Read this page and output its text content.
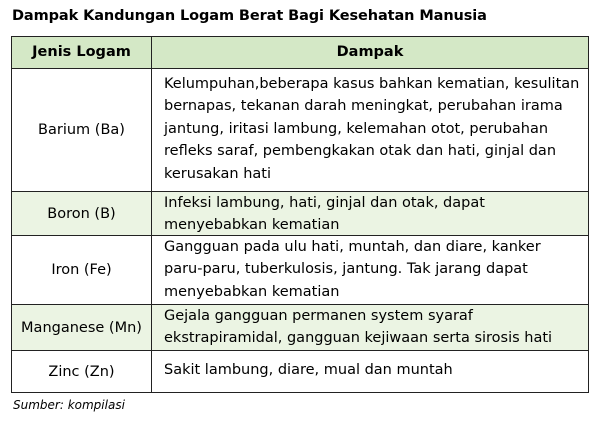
Dampak Kandungan Logam Berat Bagi Kesehatan Manusia
Jenis Logam	Dampak
Barium (Ba)
Kelumpuhan,beberapa kasus bahkan kematian, kesulitan
bernapas, tekanan darah meningkat, perubahan irama
jantung, iritasi lambung, kelemahan otot, perubahan
refleks saraf, pembengkakan otak dan hati, ginjal dan
kerusakan hati
Boron (B)
Infeksi lambung, hati, ginjal dan otak, dapat
menyebabkan kematian
Iron (Fe)
Gangguan pada ulu hati, muntah, dan diare, kanker
paru-paru, tuberkulosis, jantung. Tak jarang dapat
menyebabkan kematian
Manganese (Mn)
Gejala gangguan permanen system syaraf
ekstrapiramidal, gangguan kejiwaan serta sirosis hati
Zinc (Zn)	Sakit lambung, diare, mual dan muntah
Sumber: kompilasi
